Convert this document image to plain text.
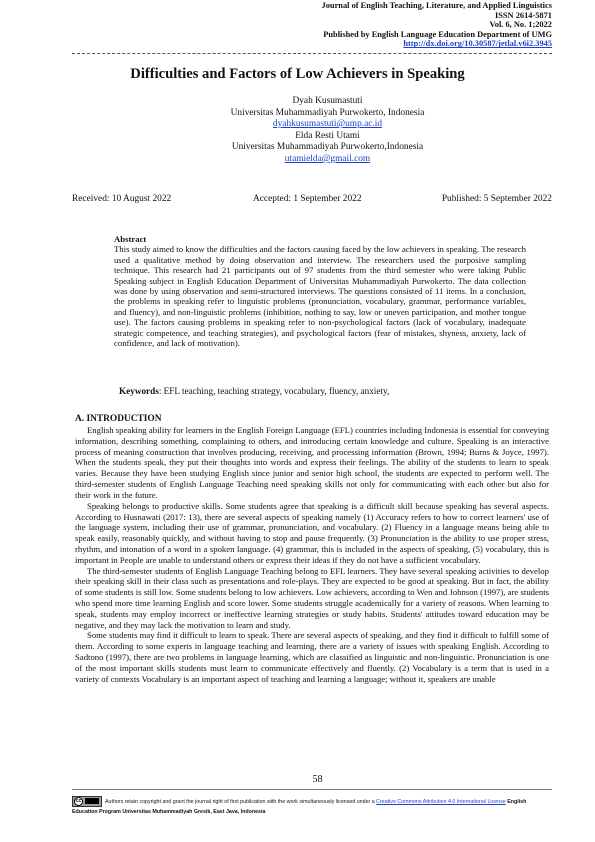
Journal of English Teaching, Literature, and Applied Linguistics
ISSN 2614-5871
Vol. 6, No. 1;2022
Published by English Language Education Department of UMG
http://dx.doi.org/10.30587/jetlal.v6i2.3945
Difficulties and Factors of Low Achievers in Speaking
Dyah Kusumastuti
Universitas Muhammadiyah Purwokerto, Indonesia
dyahkusumastuti@ump.ac.id
Elda Resti Utami
Universitas Muhammadiyah Purwokerto,Indonesia
utamielda@gmail.com
Received: 10 August 2022	Accepted: 1 September 2022	Published: 5 September 2022
Abstract
This study aimed to know the difficulties and the factors causing faced by the low achievers in speaking. The research used a qualitative method by doing observation and interview. The researchers used the purposive sampling technique. This research had 21 participants out of 97 students from the third semester who were taking Public Speaking subject in English Education Department of Universitas Muhammadiyah Purwokerto. The data collection was done by using observation and semi-structured interviews. The questions consisted of 11 items. In a conclusion, the problems in speaking refer to linguistic problems (pronunciation, vocabulary, grammar, performance variables, and fluency), and non-linguistic problems (inhibition, nothing to say, low or uneven participation, and mother tongue use). The factors causing problems in speaking refer to non-psychological factors (lack of vocabulary, inadequate strategic competence, and teaching strategies), and psychological factors (fear of mistakes, shyness, anxiety, lack of confidence, and lack of motivation).
Keywords: EFL teaching, teaching strategy, vocabulary, fluency, anxiety,
A. INTRODUCTION

English speaking ability for learners in the English Foreign Language (EFL) countries including Indonesia is essential for conveying information, describing something, complaining to others, and introducing certain knowledge and culture. Speaking is an interactive process of meaning construction that involves producing, receiving, and processing information (Brown, 1994; Burns & Joyce, 1997). When the students speak, they put their thoughts into words and express their feelings. The ability of the students to learn to speak varies. Because they have been studying English since junior and senior high school, the students are expected to perform well. The third-semester students of English Language Teaching need speaking skills not only for communicating with each other but also for their work in the future.

Speaking belongs to productive skills. Some students agree that speaking is a difficult skill because speaking has several aspects. According to Husnawati (2017: 13), there are several aspects of speaking namely (1) Accuracy refers to how to correct learners' use of the language system, including their use of grammar, pronunciation, and vocabulary. (2) Fluency in a language means being able to speak easily, reasonably quickly, and without having to stop and pause frequently. (3) Pronunciation is the ability to use proper stress, rhythm, and intonation of a word in a spoken language. (4) grammar, this is included in the aspects of speaking, (5) vocabulary, this is important in People are unable to understand others or express their ideas if they do not have a sufficient vocabulary.

The third-semester students of English Language Teaching belong to EFL learners. They have several speaking activities to develop their speaking skill in their class such as presentations and role-plays. They are expected to be good at speaking. But in fact, the ability of some students is still low. Some students belong to low achievers. Low achievers, according to Wen and Johnson (1997), are students who spend more time learning English and score lower. Some students struggle academically for a variety of reasons. When learning to speak, students may employ incorrect or ineffective learning strategies or study habits. Students' attitudes toward education may be negative, and they may lack the motivation to learn and study.

Some students may find it difficult to learn to speak. There are several aspects of speaking, and they find it difficult to fulfill some of them. According to some experts in language teaching and learning, there are a variety of issues with speaking English. According to Sadtono (1997), there are two problems in language learning, which are classified as linguistic and non-linguistic. Pronunciation is one of the most important skills students must learn to communicate effectively and fluently. (2) Vocabulary is a term that is used in a variety of contexts Vocabulary is an important aspect of teaching and learning a language; without it, speakers are unable

58
cc	Authors retain copyright and grant the journal right of first publication with the work simultaneously licensed under a Creative Commons Attribution 4.0 International License English Education Program Universitas Muhammadiyah Gresik, East Java, Indonesia
